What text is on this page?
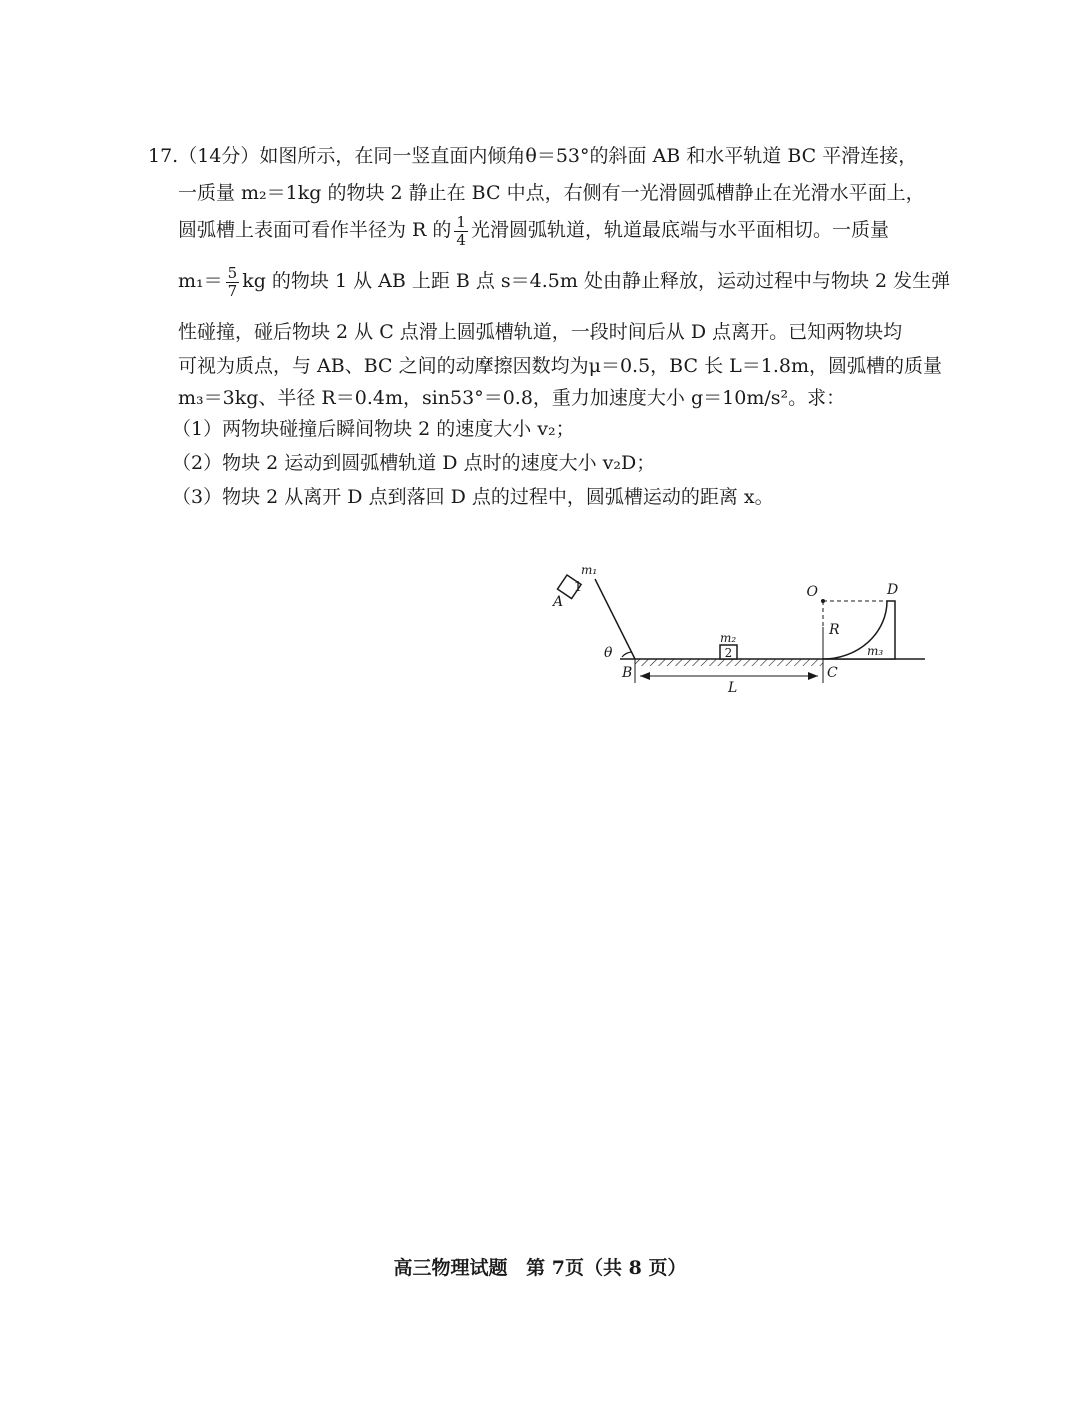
17.（14分）如图所示，在同一竖直面内倾角θ＝53°的斜面 AB 和水平轨道 BC 平滑连接，
一质量 m₂＝1kg 的物块 2 静止在 BC 中点，右侧有一光滑圆弧槽静止在光滑水平面上，
圆弧槽上表面可看作半径为 R 的 $\frac{1}{4}$ 光滑圆弧轨道，轨道最底端与水平面相切。一质量
$m_1= \frac{5}{7}$ kg 的物块 1 从 AB 上距 B 点 s＝4.5m 处由静止释放，运动过程中与物块 2 发生弹
性碰撞，碰后物块 2 从 C 点滑上圆弧槽轨道，一段时间后从 D 点离开。已知两物块均
可视为质点，与 AB、BC 之间的动摩擦因数均为μ＝0.5，BC 长 L＝1.8m，圆弧槽的质量
m₃＝3kg、半径 R＝0.4m，sin53°＝0.8，重力加速度大小 g＝10m/s²。求：
（1）两物块碰撞后瞬间物块 2 的速度大小 v₂；
（2）物块 2 运动到圆弧槽轨道 D 点时的速度大小 v₂D；
（3）物块 2 从离开 D 点到落回 D 点的过程中，圆弧槽运动的距离 x。
1
m₁
A
θ
B	C
2
m₂
L
O
R
D
m₃
高三物理试题 第 7页（共 8 页）
